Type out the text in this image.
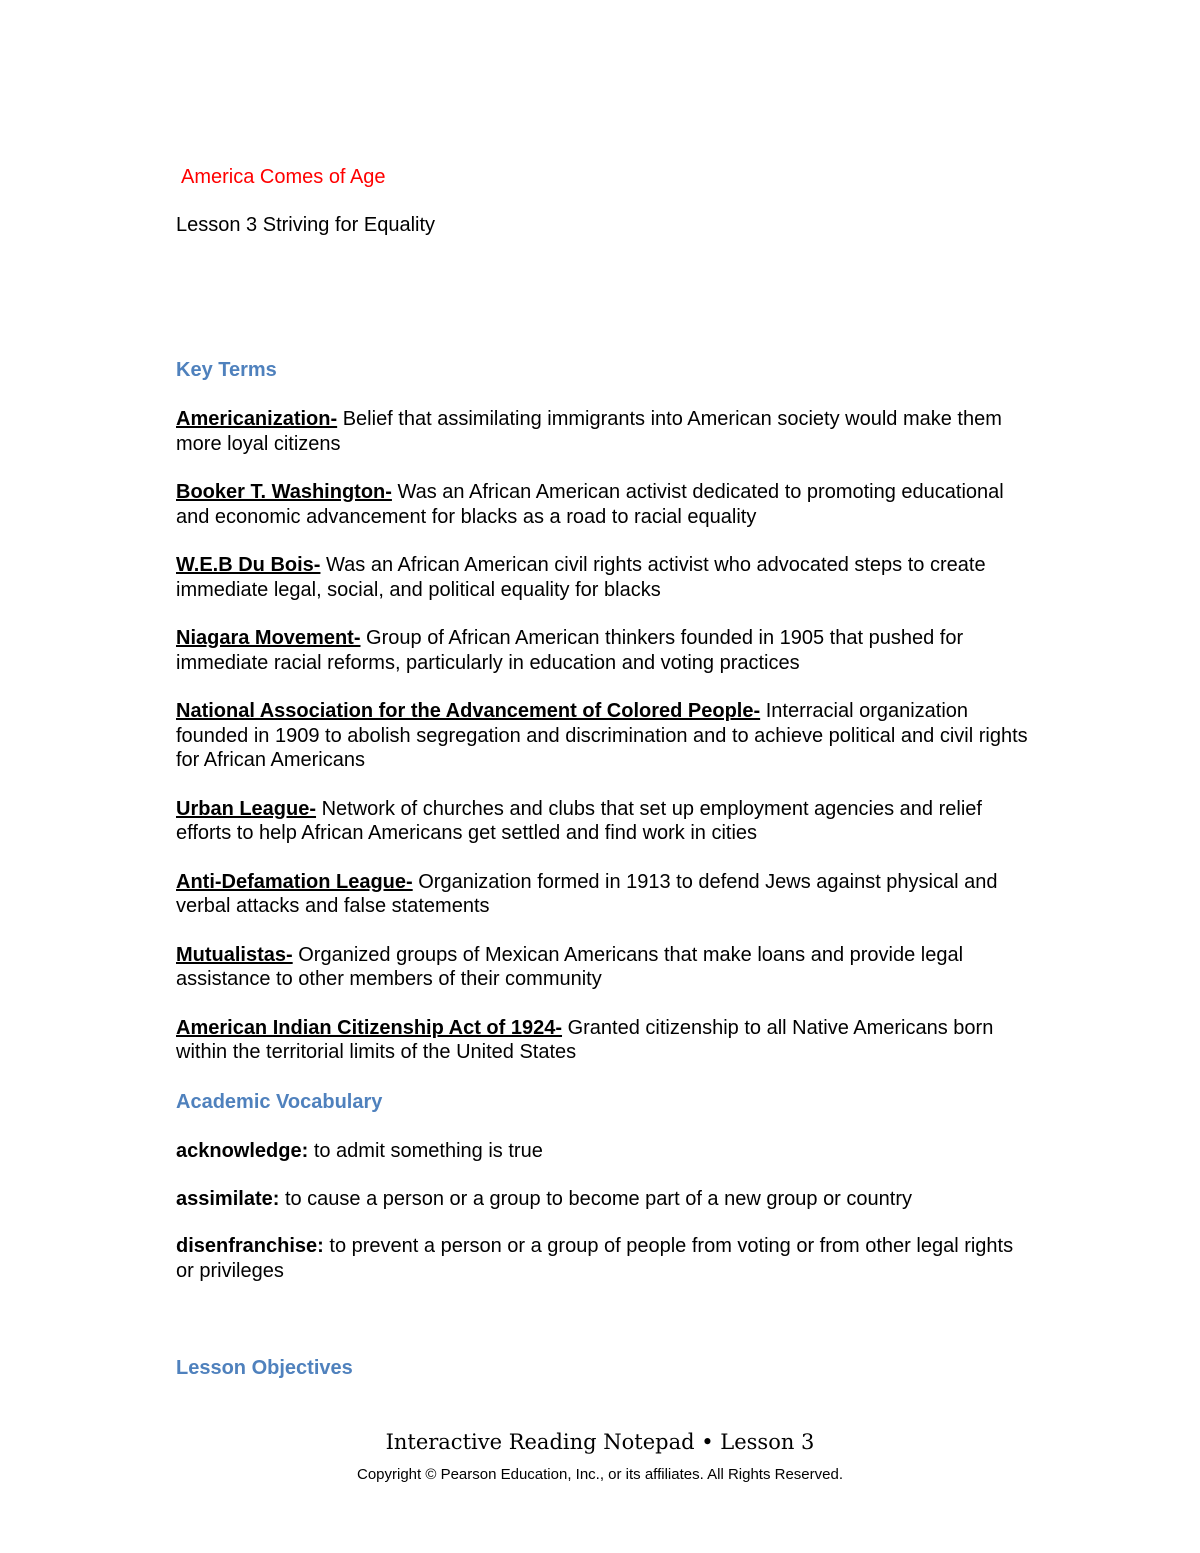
America Comes of Age
Lesson 3 Striving for Equality
Key Terms
Americanization- Belief that assimilating immigrants into American society would make them more loyal citizens
Booker T. Washington- Was an African American activist dedicated to promoting educational and economic advancement for blacks as a road to racial equality
W.E.B Du Bois- Was an African American civil rights activist who advocated steps to create immediate legal, social, and political equality for blacks
Niagara Movement- Group of African American thinkers founded in 1905 that pushed for immediate racial reforms, particularly in education and voting practices
National Association for the Advancement of Colored People- Interracial organization founded in 1909 to abolish segregation and discrimination and to achieve political and civil rights for African Americans
Urban League- Network of churches and clubs that set up employment agencies and relief efforts to help African Americans get settled and find work in cities
Anti-Defamation League- Organization formed in 1913 to defend Jews against physical and verbal attacks and false statements
Mutualistas- Organized groups of Mexican Americans that make loans and provide legal assistance to other members of their community
American Indian Citizenship Act of 1924- Granted citizenship to all Native Americans born within the territorial limits of the United States
Academic Vocabulary
acknowledge: to admit something is true
assimilate: to cause a person or a group to become part of a new group or country
disenfranchise: to prevent a person or a group of people from voting or from other legal rights or privileges
Lesson Objectives
Interactive Reading Notepad • Lesson 3
Copyright © Pearson Education, Inc., or its affiliates. All Rights Reserved.
